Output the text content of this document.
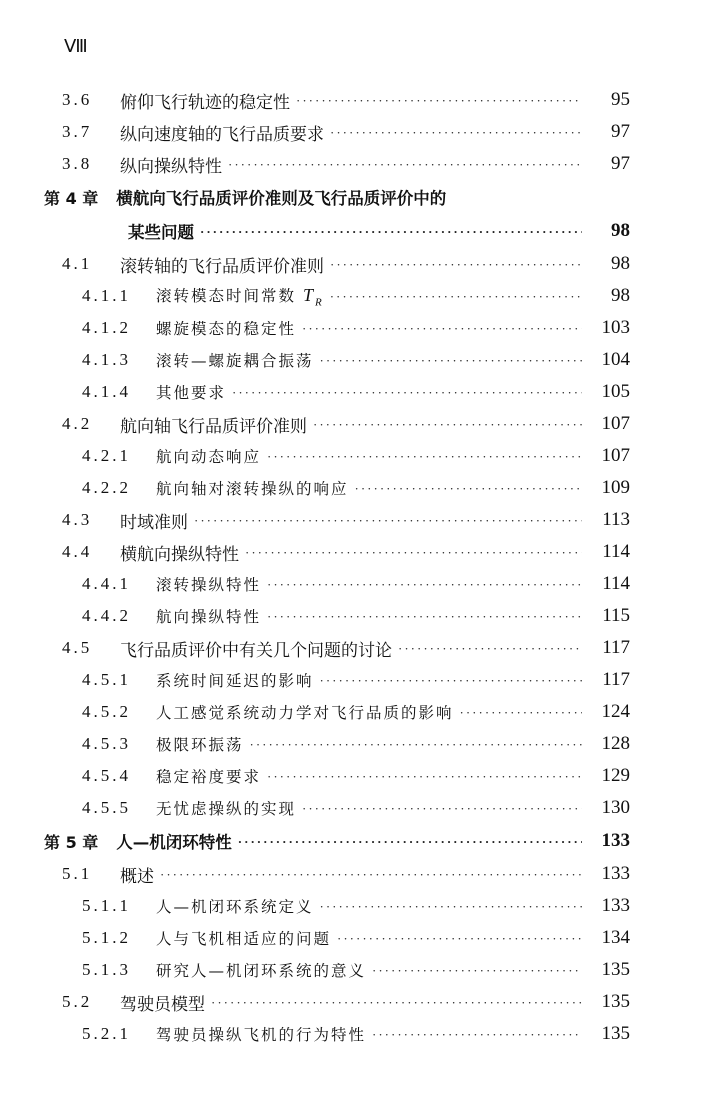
Ⅷ
3.6	俯仰飞行轨迹的稳定性 ·····	95
3.7	纵向速度轴的飞行品质要求 ·····	97
3.8	纵向操纵特性 ·····	97
第 4 章	横航向飞行品质评价准则及飞行品质评价中的
某些问题 ·····	98
4.1	滚转轴的飞行品质评价准则 ·····	98
4.1.1	滚转模态时间常数 $T_R$ ·····	98
4.1.2	螺旋模态的稳定性 ·····	103
4.1.3	滚转—螺旋耦合振荡 ·····	104
4.1.4	其他要求 ·····	105
4.2	航向轴飞行品质评价准则 ·····	107
4.2.1	航向动态响应 ·····	107
4.2.2	航向轴对滚转操纵的响应 ·····	109
4.3	时域准则 ·····	113
4.4	横航向操纵特性 ·····	114
4.4.1	滚转操纵特性 ·····	114
4.4.2	航向操纵特性 ·····	115
4.5	飞行品质评价中有关几个问题的讨论 ·····	117
4.5.1	系统时间延迟的影响 ·····	117
4.5.2	人工感觉系统动力学对飞行品质的影响 ·····	124
4.5.3	极限环振荡 ·····	128
4.5.4	稳定裕度要求 ·····	129
4.5.5	无忧虑操纵的实现 ·····	130
第 5 章	人—机闭环特性 ·····	133
5.1	概述 ·····	133
5.1.1	人—机闭环系统定义 ·····	133
5.1.2	人与飞机相适应的问题 ·····	134
5.1.3	研究人—机闭环系统的意义 ·····	135
5.2	驾驶员模型 ·····	135
5.2.1	驾驶员操纵飞机的行为特性 ·····	135
